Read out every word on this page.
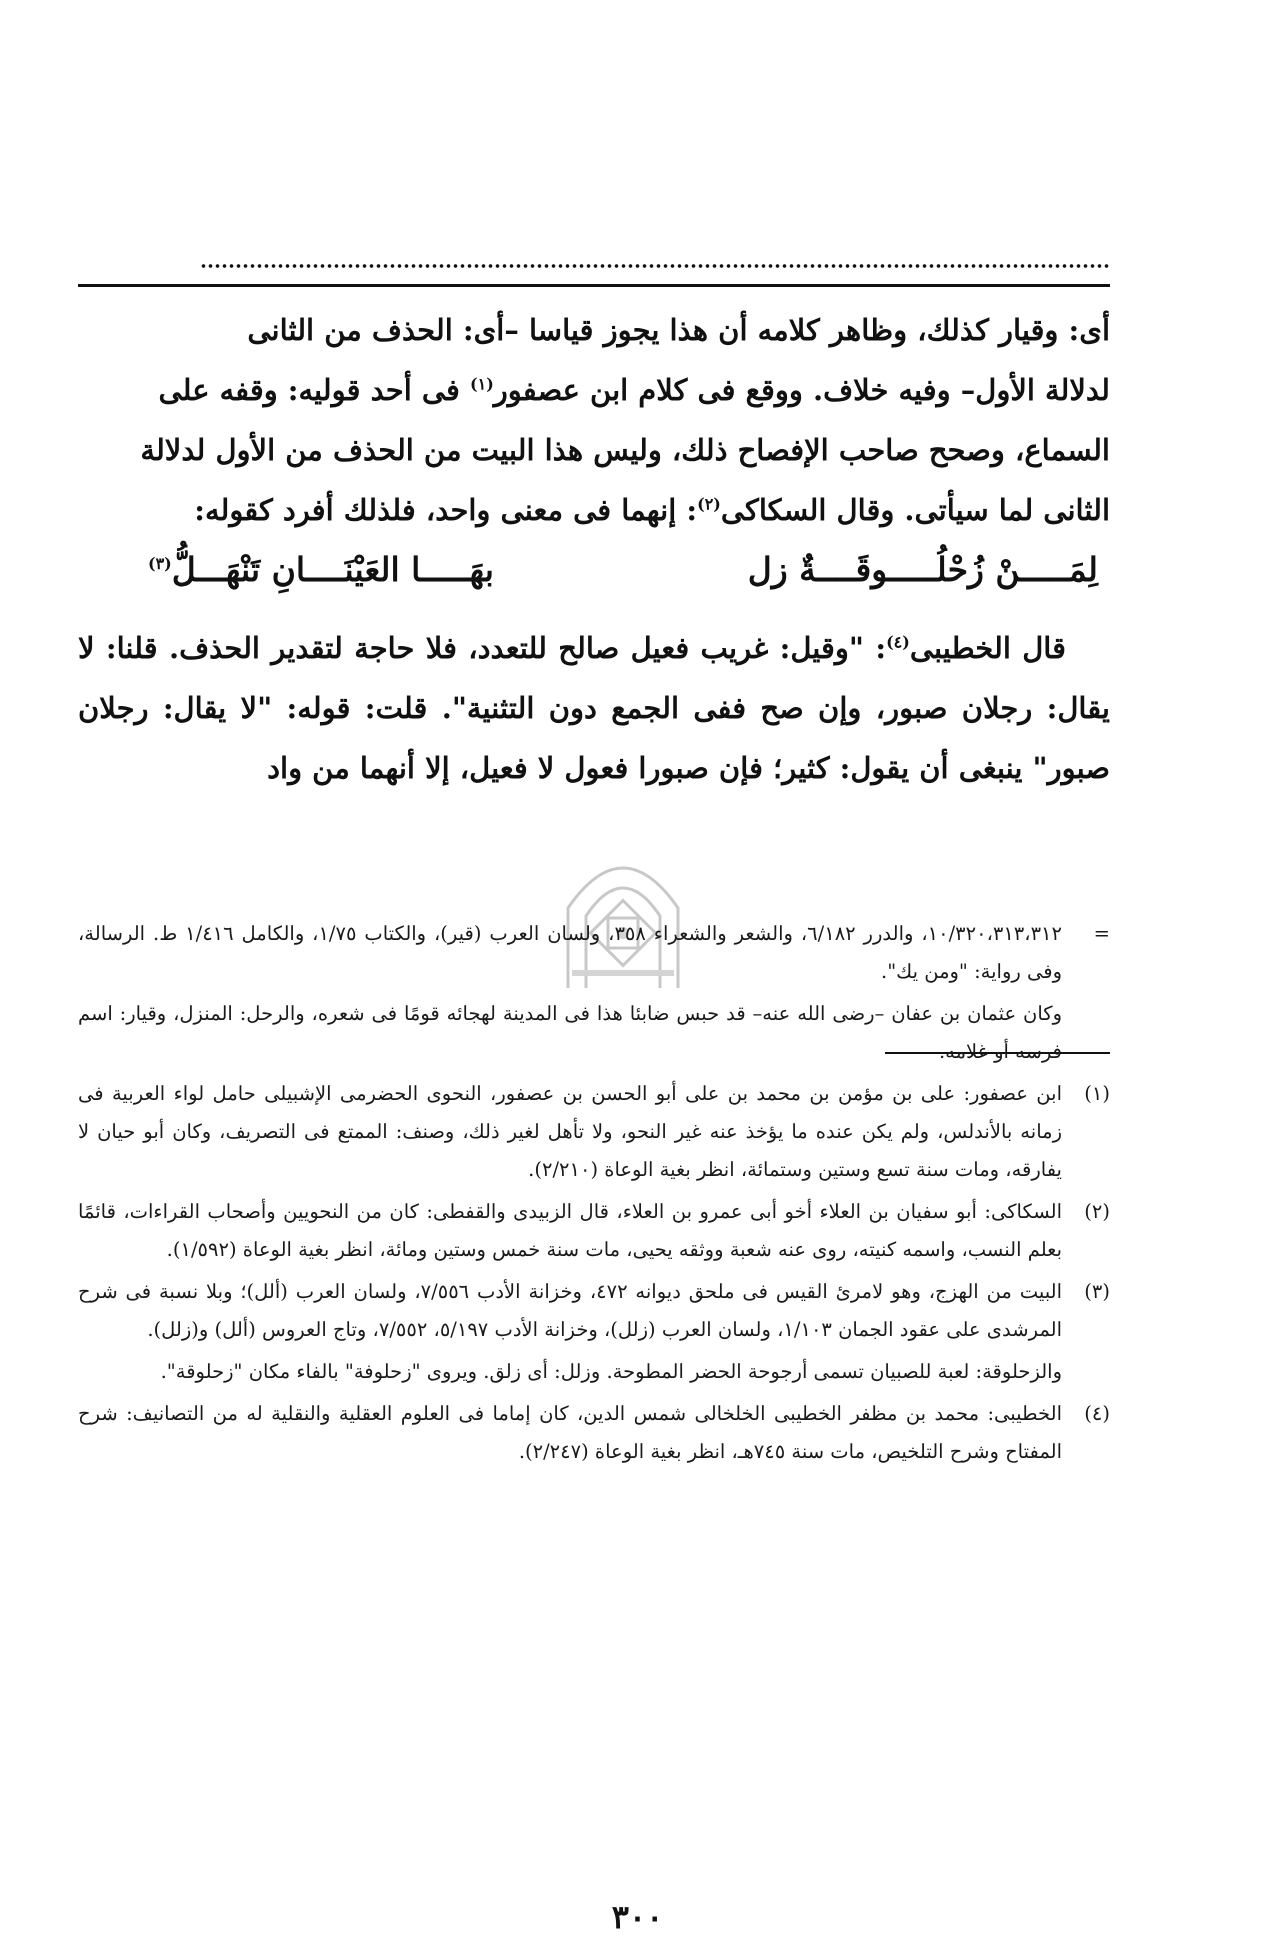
أى: وقيار كذلك، وظاهر كلامه أن هذا يجوز قياسا –أى: الحذف من الثانى

لدلالة الأول– وفيه خلاف. ووقع فى كلام ابن عصفور$^{(١)}$ فى أحد قوليه: وقفه على

السماع، وصحح صاحب الإفصاح ذلك، وليس هذا البيت من الحذف من الأول لدلالة

الثانى لما سيأتى. وقال السكاكى$^{(٢)}$: إنهما فى معنى واحد، فلذلك أفرد كقوله:

لِمَـــــنْ زُحْلُـــــوقَــــةٌ زل
بهَـــــا العَيْنَــــانِ تَنْهَـــلُّ$^{(٣)}$

قال الخطيبى$^{(٤)}$: "وقيل: غريب فعيل صالح للتعدد، فلا حاجة لتقدير الحذف. قلنا: لا يقال: رجلان صبور، وإن صح ففى الجمع دون التثنية". قلت: قوله: "لا يقال: رجلان صبور" ينبغى أن يقول: كثير؛ فإن صبورا فعول لا فعيل، إلا أنهما من واد

=
١٠/٣٢٠،٣١٣،٣١٢، والدرر ٦/١٨٢، والشعر والشعراء ٣٥٨، ولسان العرب (قير)، والكتاب ١/٧٥، والكامل ١/٤١٦ ط. الرسالة، وفى رواية: "ومن يك".
وكان عثمان بن عفان –رضى الله عنه– قد حبس ضابئا هذا فى المدينة لهجائه قومًا فى شعره، والرحل: المنزل، وقيار: اسم فرسه أو غلامه.
(١)
ابن عصفور: على بن مؤمن بن محمد بن على أبو الحسن بن عصفور، النحوى الحضرمى الإشبيلى حامل لواء العربية فى زمانه بالأندلس، ولم يكن عنده ما يؤخذ عنه غير النحو، ولا تأهل لغير ذلك، وصنف: الممتع فى التصريف، وكان أبو حيان لا يفارقه، ومات سنة تسع وستين وستمائة، انظر بغية الوعاة (٢/٢١٠).
(٢)
السكاكى: أبو سفيان بن العلاء أخو أبى عمرو بن العلاء، قال الزبيدى والقفطى: كان من النحويين وأصحاب القراءات، قائمًا بعلم النسب، واسمه كنيته، روى عنه شعبة ووثقه يحيى، مات سنة خمس وستين ومائة، انظر بغية الوعاة (١/٥٩٢).
(٣)
البيت من الهزج، وهو لامرئ القيس فى ملحق ديوانه ٤٧٢، وخزانة الأدب ٧/٥٥٦، ولسان العرب (ألل)؛ وبلا نسبة فى شرح المرشدى على عقود الجمان ١/١٠٣، ولسان العرب (زلل)، وخزانة الأدب ٥/١٩٧، ٧/٥٥٢، وتاج العروس (ألل) و(زلل).
والزحلوقة: لعبة للصبيان تسمى أرجوحة الحضر المطوحة. وزلل: أى زلق. ويروى "زحلوفة" بالفاء مكان "زحلوقة".
(٤)
الخطيبى: محمد بن مظفر الخطيبى الخلخالى شمس الدين، كان إماما فى العلوم العقلية والنقلية له من التصانيف: شرح المفتاح وشرح التلخيص، مات سنة ٧٤٥هـ، انظر بغية الوعاة (٢/٢٤٧).
٣٠٠
